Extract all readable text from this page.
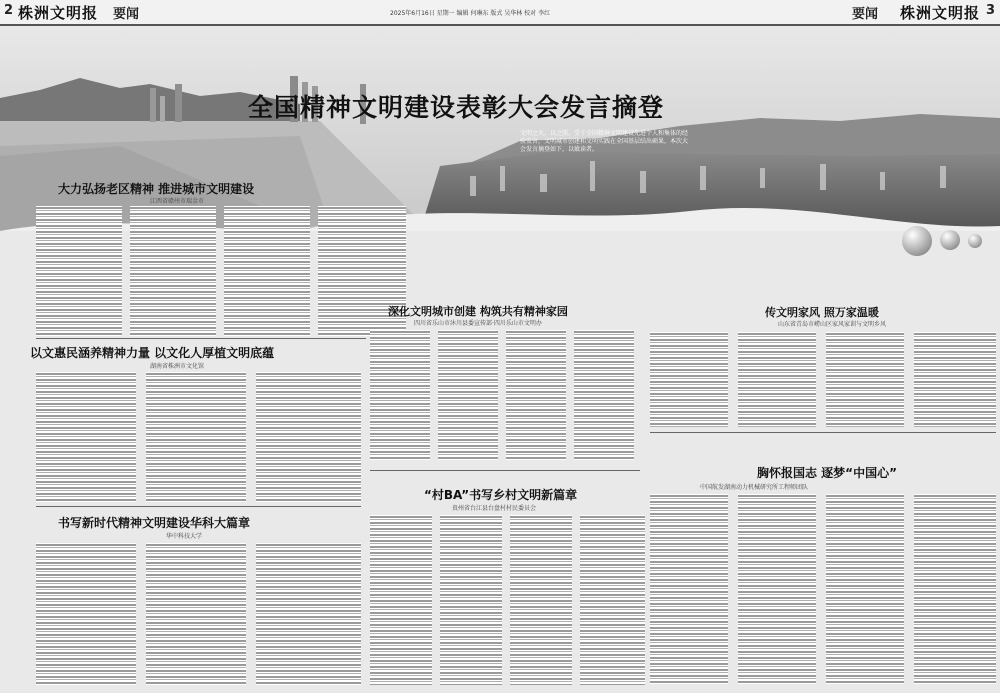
2 株洲文明报 要闻	2025年6月16日 星期一 编辑 何琳东 版式 吴华林 校对 李红	要闻 株洲文明报 3
全国精神文明建设表彰大会发言摘登
文明之火，以之照，受于全国精神文明建设先进个人和集体的经验发言，文明城市创建和文明实践在全国基层结出硕果，本次大会发言摘登如下，以飨读者。
大力弘扬老区精神 推进城市文明建设
江西省赣州市瑞金市
深化文明城市创建 构筑共有精神家园
四川省乐山市沐川县委宣传部·四川乐山市文明办
传文明家风 照万家温暖
山东省青岛市崂山区家风家训与文明乡风
以文惠民涵养精神力量 以文化人厚植文明底蕴
湖南省株洲市文化馆
“村BA”书写乡村文明新篇章
贵州省台江县台盘村村民委员会
胸怀报国志 逐梦“中国心”
中国航发湖南动力机械研究所工程师团队
书写新时代精神文明建设华科大篇章
华中科技大学
